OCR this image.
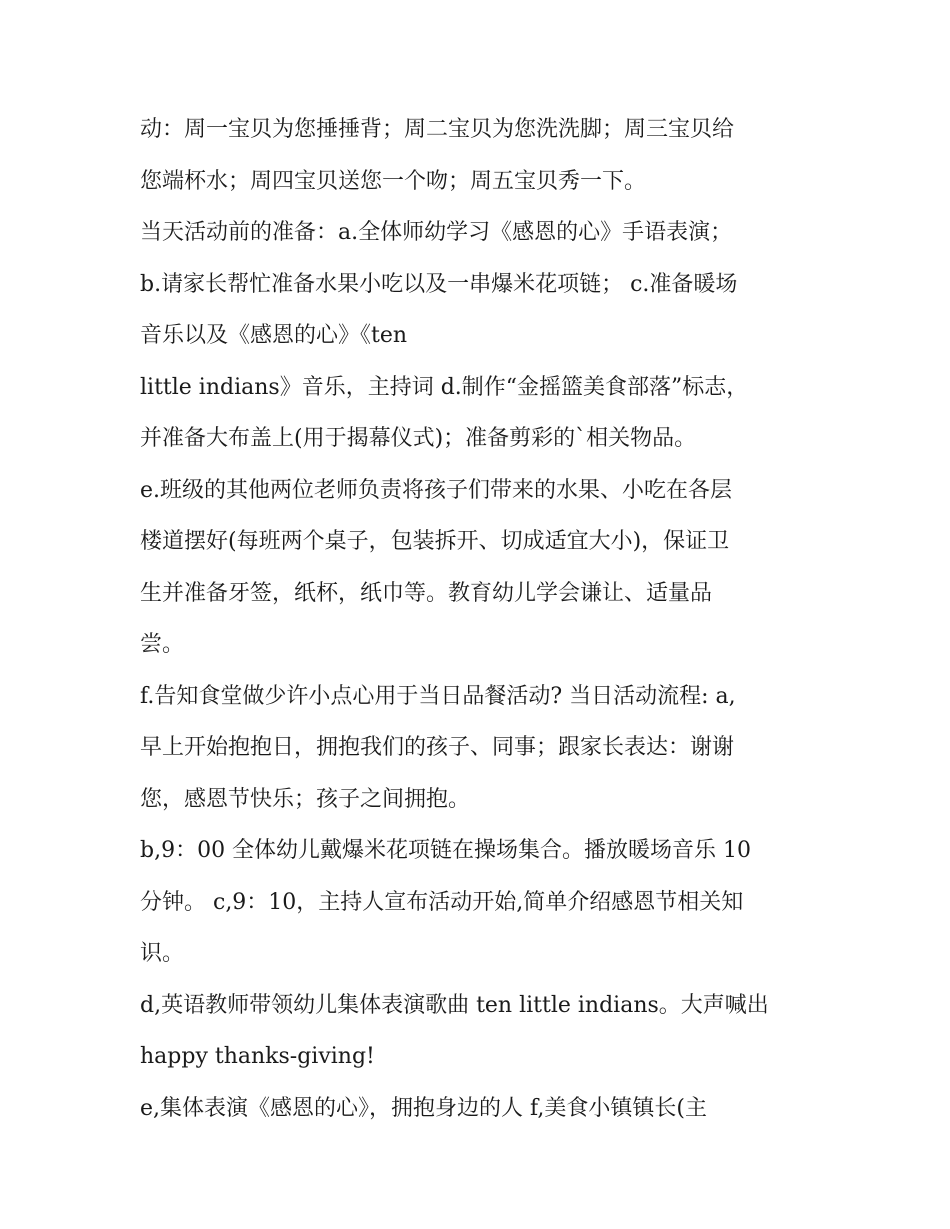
动：周一宝贝为您捶捶背；周二宝贝为您洗洗脚；周三宝贝给
您端杯水；周四宝贝送您一个吻；周五宝贝秀一下。
当天活动前的准备：a.全体师幼学习《感恩的心》手语表演；
b.请家长帮忙准备水果小吃以及一串爆米花项链； c.准备暖场
音乐以及《感恩的心》《ten
little indians》音乐，主持词 d.制作“金摇篮美食部落”标志，
并准备大布盖上(用于揭幕仪式)；准备剪彩的`相关物品。
e.班级的其他两位老师负责将孩子们带来的水果、小吃在各层
楼道摆好(每班两个桌子，包装拆开、切成适宜大小)，保证卫
生并准备牙签，纸杯，纸巾等。教育幼儿学会谦让、适量品
尝。
f.告知食堂做少许小点心用于当日品餐活动? 当日活动流程: a,
早上开始抱抱日，拥抱我们的孩子、同事；跟家长表达：谢谢
您，感恩节快乐；孩子之间拥抱。
b,9：00 全体幼儿戴爆米花项链在操场集合。播放暖场音乐 10
分钟。 c,9：10，主持人宣布活动开始,简单介绍感恩节相关知
识。
d,英语教师带领幼儿集体表演歌曲 ten little indians。大声喊出
happy thanks-giving!
e,集体表演《感恩的心》，拥抱身边的人 f,美食小镇镇长(主
